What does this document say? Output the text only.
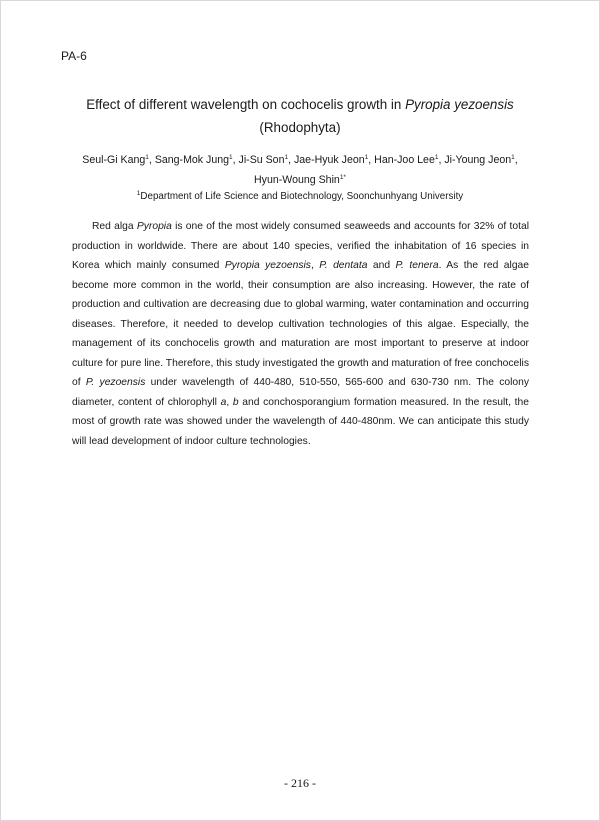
PA-6
Effect of different wavelength on cochocelis growth in Pyropia yezoensis
(Rhodophyta)
Seul-Gi Kang$^1$, Sang-Mok Jung$^1$, Ji-Su Son$^1$, Jae-Hyuk Jeon$^1$, Han-Joo Lee$^1$, Ji-Young Jeon$^1$,
Hyun-Woung Shin$^{1*}$
$^1$Department of Life Science and Biotechnology, Soonchunhyang University

Red alga Pyropia is one of the most widely consumed seaweeds and accounts for 32% of total production in worldwide. There are about 140 species, verified the inhabitation of 16 species in Korea which mainly consumed Pyropia yezoensis, P. dentata and P. tenera. As the red algae become more common in the world, their consumption are also increasing. However, the rate of production and cultivation are decreasing due to global warming, water contamination and occurring diseases. Therefore, it needed to develop cultivation technologies of this algae. Especially, the management of its conchocelis growth and maturation are most important to preserve at indoor culture for pure line. Therefore, this study investigated the growth and maturation of free conchocelis of P. yezoensis under wavelength of 440-480, 510-550, 565-600 and 630-730 nm. The colony diameter, content of chlorophyll a, b and conchosporangium formation measured. In the result, the most of growth rate was showed under the wavelength of 440-480nm. We can anticipate this study will lead development of indoor culture technologies.

- 216 -
